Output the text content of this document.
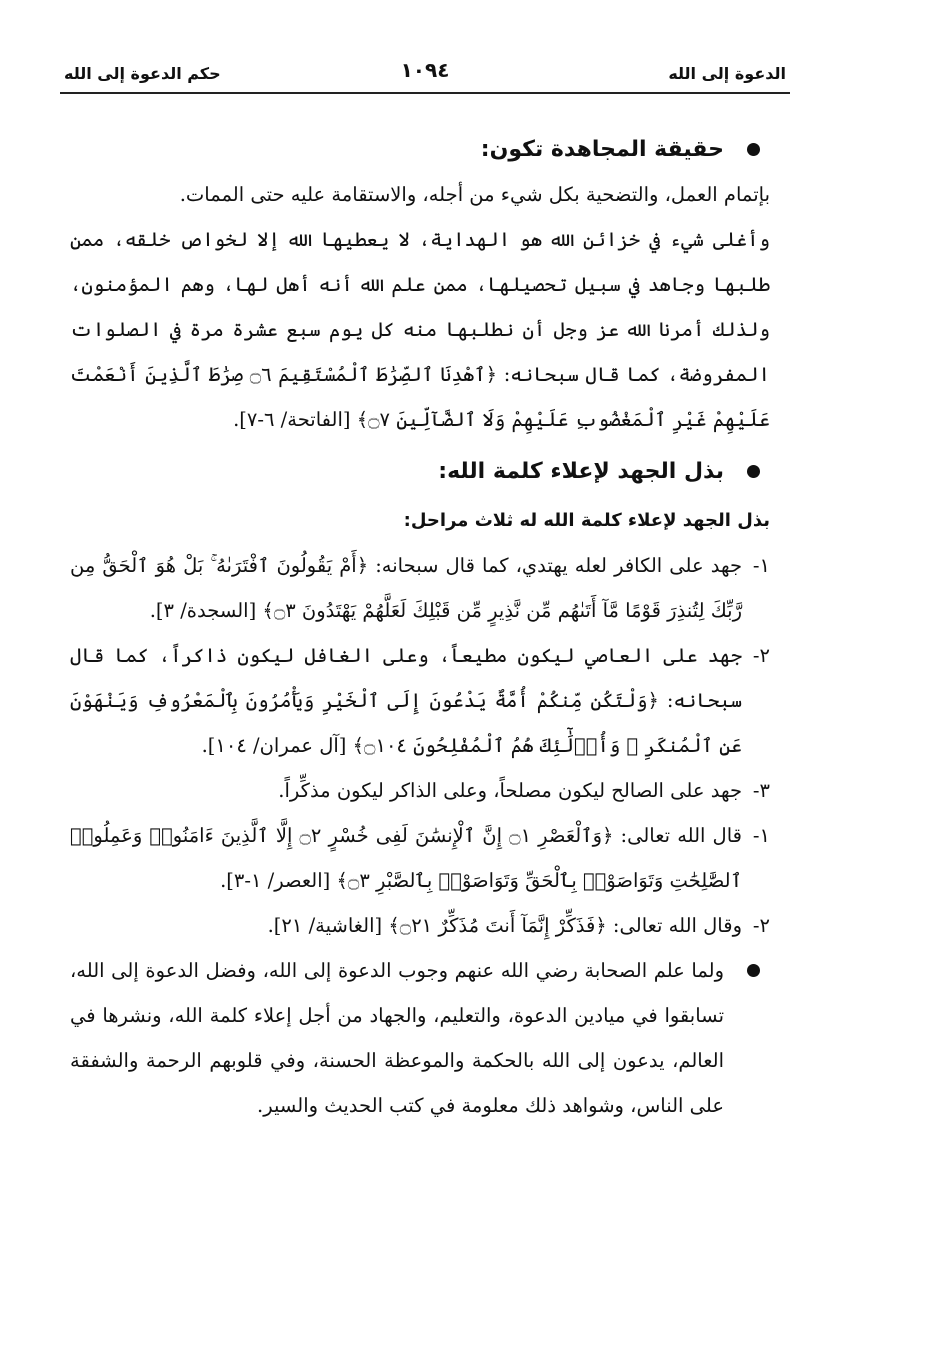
الدعوة إلى الله
١٠٩٤
حكم الدعوة إلى الله
حقيقة المجاهدة تكون:

بإتمام العمل، والتضحية بكل شيء من أجله، والاستقامة عليه حتى الممات.

وأغلى شيء في خزائن الله هو الهداية، لا يعطيها الله إلا لخواص خلقه، ممن طلبها وجاهد في سبيل تحصيلها، ممن علم الله أنه أهل لها، وهم المؤمنون، ولذلك أمرنا الله عز وجل أن نطلبها منه كل يوم سبع عشرة مرة في الصلوات المفروضة، كما قال سبحانه: ﴿ٱهْدِنَا ٱلصِّرَٰطَ ٱلْمُسْتَقِيمَ ۝٦ صِرَٰطَ ٱلَّذِينَ أَنْعَمْتَ عَلَيْهِمْ غَيْرِ ٱلْمَغْضُوبِ عَلَيْهِمْ وَلَا ٱلضَّآلِّينَ ۝٧﴾ [الفاتحة/ ٦-٧].

بذل الجهد لإعلاء كلمة الله:

بذل الجهد لإعلاء كلمة الله له ثلاث مراحل:

١-

جهد على الكافر لعله يهتدي، كما قال سبحانه: ﴿أَمْ يَقُولُونَ ٱفْتَرَىٰهُ ۚ بَلْ هُوَ ٱلْحَقُّ مِن رَّبِّكَ لِتُنذِرَ قَوْمًا مَّآ أَتَىٰهُم مِّن نَّذِيرٍ مِّن قَبْلِكَ لَعَلَّهُمْ يَهْتَدُونَ ۝٣﴾ [السجدة/ ٣].

٢-

جهد على العاصي ليكون مطيعاً، وعلى الغافل ليكون ذاكراً، كما قال سبحانه: ﴿وَلْتَكُن مِّنكُمْ أُمَّةٌ يَدْعُونَ إِلَى ٱلْخَيْرِ وَيَأْمُرُونَ بِٱلْمَعْرُوفِ وَيَنْهَوْنَ عَنِ ٱلْمُنكَرِ ۚ وَأُو۟لَٰٓئِكَ هُمُ ٱلْمُفْلِحُونَ ۝١٠٤﴾ [آل عمران/ ١٠٤].

٣-

جهد على الصالح ليكون مصلحاً، وعلى الذاكر ليكون مذكِّراً.

١-

قال الله تعالى: ﴿وَٱلْعَصْرِ ۝١ إِنَّ ٱلْإِنسَٰنَ لَفِى خُسْرٍ ۝٢ إِلَّا ٱلَّذِينَ ءَامَنُوا۟ وَعَمِلُوا۟ ٱلصَّٰلِحَٰتِ وَتَوَاصَوْا۟ بِٱلْحَقِّ وَتَوَاصَوْا۟ بِٱلصَّبْرِ ۝٣﴾ [العصر/ ١-٣].

٢-

وقال الله تعالى: ﴿فَذَكِّرْ إِنَّمَآ أَنتَ مُذَكِّرٌ ۝٢١﴾ [الغاشية/ ٢١].

ولما علم الصحابة رضي الله عنهم وجوب الدعوة إلى الله، وفضل الدعوة إلى الله، تسابقوا في ميادين الدعوة، والتعليم، والجهاد من أجل إعلاء كلمة الله، ونشرها في العالم، يدعون إلى الله بالحكمة والموعظة الحسنة، وفي قلوبهم الرحمة والشفقة على الناس، وشواهد ذلك معلومة في كتب الحديث والسير.
